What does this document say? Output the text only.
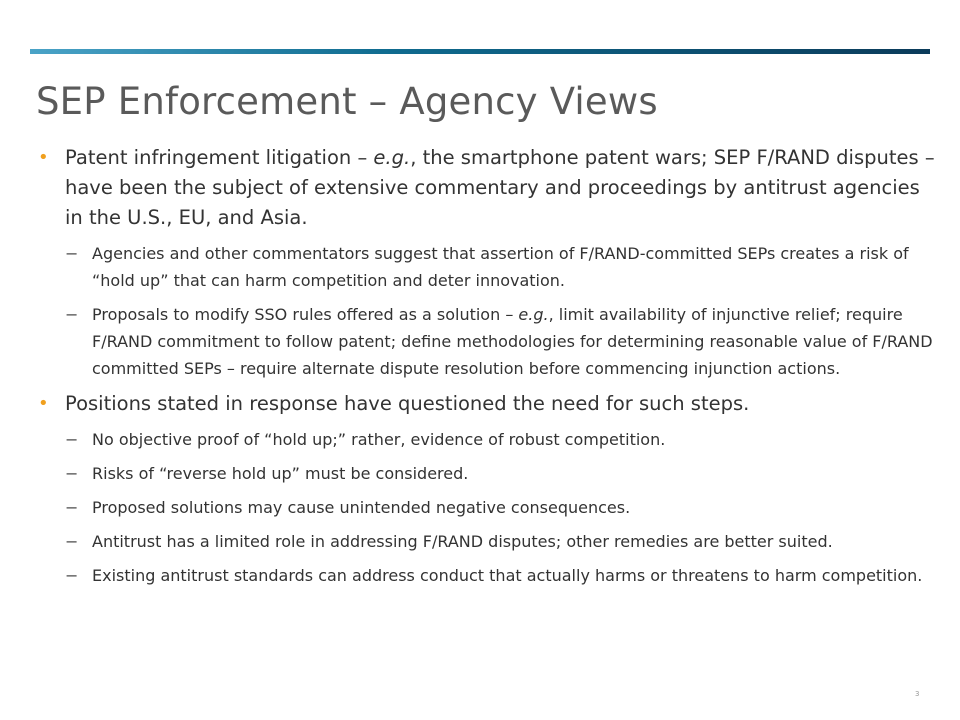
SEP Enforcement – Agency Views
• Patent infringement litigation – e.g., the smartphone patent wars; SEP F/RAND disputes – have been the subject of extensive commentary and proceedings by antitrust agencies in the U.S., EU, and Asia.
− Agencies and other commentators suggest that assertion of F/RAND-committed SEPs creates a risk of “hold up” that can harm competition and deter innovation.
− Proposals to modify SSO rules offered as a solution – e.g., limit availability of injunctive relief; require F/RAND commitment to follow patent; define methodologies for determining reasonable value of F/RAND committed SEPs – require alternate dispute resolution before commencing injunction actions.
• Positions stated in response have questioned the need for such steps.
− No objective proof of “hold up;” rather, evidence of robust competition.
− Risks of “reverse hold up” must be considered.
− Proposed solutions may cause unintended negative consequences.
− Antitrust has a limited role in addressing F/RAND disputes; other remedies are better suited.
− Existing antitrust standards can address conduct that actually harms or threatens to harm competition.
3
